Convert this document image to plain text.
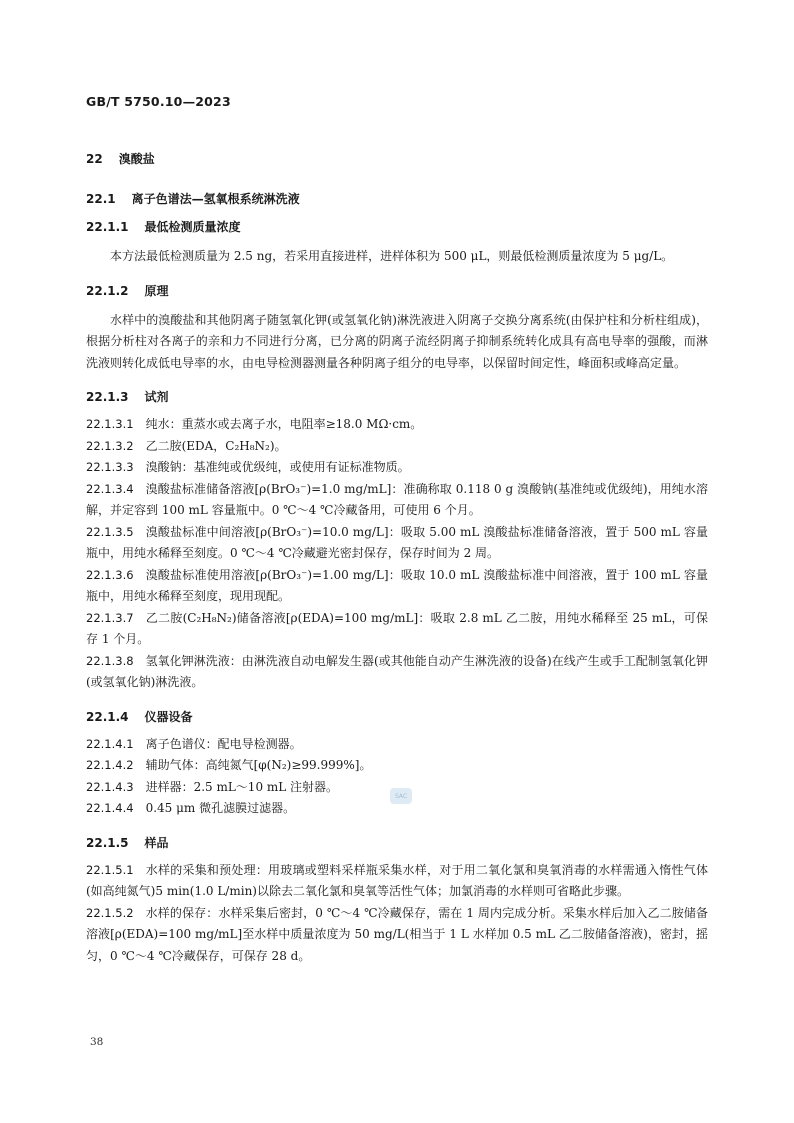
GB/T 5750.10—2023
22 溴酸盐
22.1 离子色谱法—氢氧根系统淋洗液
22.1.1 最低检测质量浓度

本方法最低检测质量为 2.5 ng，若采用直接进样，进样体积为 500 μL，则最低检测质量浓度为 5 μg/L。

22.1.2 原理

水样中的溴酸盐和其他阴离子随氢氧化钾(或氢氧化钠)淋洗液进入阴离子交换分离系统(由保护柱和分析柱组成)，根据分析柱对各离子的亲和力不同进行分离，已分离的阴离子流经阴离子抑制系统转化成具有高电导率的强酸，而淋洗液则转化成低电导率的水，由电导检测器测量各种阴离子组分的电导率，以保留时间定性，峰面积或峰高定量。

22.1.3 试剂

22.1.3.1 纯水：重蒸水或去离子水，电阻率≥18.0 MΩ·cm。

22.1.3.2 乙二胺(EDA，C₂H₈N₂)。

22.1.3.3 溴酸钠：基准纯或优级纯，或使用有证标准物质。

22.1.3.4 溴酸盐标准储备溶液[ρ(BrO₃⁻)=1.0 mg/mL]：准确称取 0.118 0 g 溴酸钠(基准纯或优级纯)，用纯水溶解，并定容到 100 mL 容量瓶中。0 ℃～4 ℃冷藏备用，可使用 6 个月。

22.1.3.5 溴酸盐标准中间溶液[ρ(BrO₃⁻)=10.0 mg/L]：吸取 5.00 mL 溴酸盐标准储备溶液，置于 500 mL 容量瓶中，用纯水稀释至刻度。0 ℃～4 ℃冷藏避光密封保存，保存时间为 2 周。

22.1.3.6 溴酸盐标准使用溶液[ρ(BrO₃⁻)=1.00 mg/L]：吸取 10.0 mL 溴酸盐标准中间溶液，置于 100 mL 容量瓶中，用纯水稀释至刻度，现用现配。

22.1.3.7 乙二胺(C₂H₈N₂)储备溶液[ρ(EDA)=100 mg/mL]：吸取 2.8 mL 乙二胺，用纯水稀释至 25 mL，可保存 1 个月。

22.1.3.8 氢氧化钾淋洗液：由淋洗液自动电解发生器(或其他能自动产生淋洗液的设备)在线产生或手工配制氢氧化钾(或氢氧化钠)淋洗液。

22.1.4 仪器设备

22.1.4.1 离子色谱仪：配电导检测器。

22.1.4.2 辅助气体：高纯氮气[φ(N₂)≥99.999%]。

22.1.4.3 进样器：2.5 mL～10 mL 注射器。

22.1.4.4 0.45 μm 微孔滤膜过滤器。

22.1.5 样品

22.1.5.1 水样的采集和预处理：用玻璃或塑料采样瓶采集水样，对于用二氧化氯和臭氧消毒的水样需通入惰性气体(如高纯氮气)5 min(1.0 L/min)以除去二氧化氯和臭氧等活性气体；加氯消毒的水样则可省略此步骤。

22.1.5.2 水样的保存：水样采集后密封，0 ℃～4 ℃冷藏保存，需在 1 周内完成分析。采集水样后加入乙二胺储备溶液[ρ(EDA)=100 mg/mL]至水样中质量浓度为 50 mg/L(相当于 1 L 水样加 0.5 mL 乙二胺储备溶液)，密封，摇匀，0 ℃～4 ℃冷藏保存，可保存 28 d。

SAC
38
